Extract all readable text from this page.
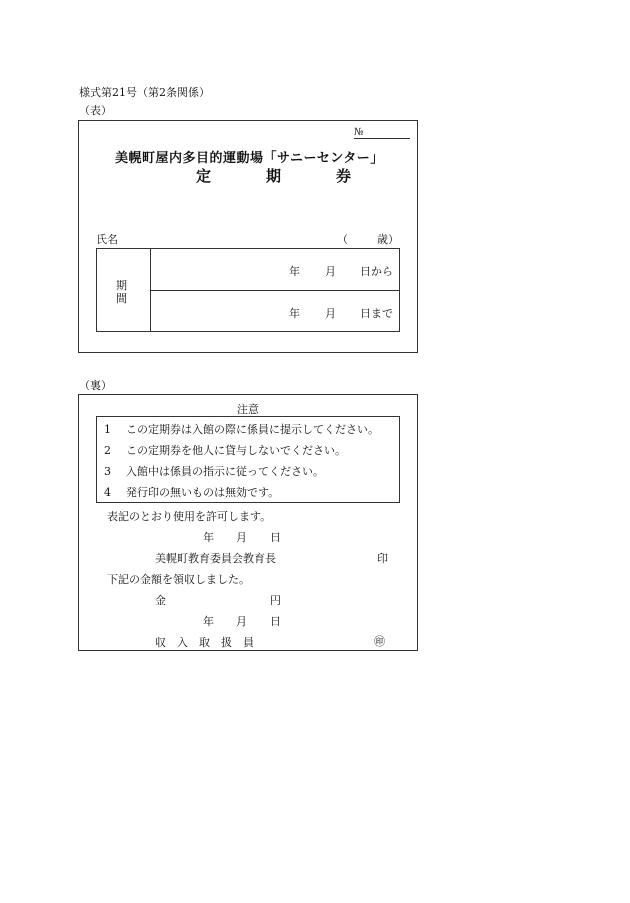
様式第21号（第2条関係）
（表）
№
美幌町屋内多目的運動場「サニーセンター」
定　期　券
氏名	（	歳）
期
間
年 月 日から
年 月 日まで
（裏）
注意
1 この定期券は入館の際に係員に提示してください。
2 この定期券を他人に貸与しないでください。
3 入館中は係員の指示に従ってください。
4 発行印の無いものは無効です。
表記のとおり使用を許可します。
年 月 日
美幌町教育委員会教育長	印
下記の金額を領収しました。
金	円
年 月 日
収　入　取　扱　員	㊞
